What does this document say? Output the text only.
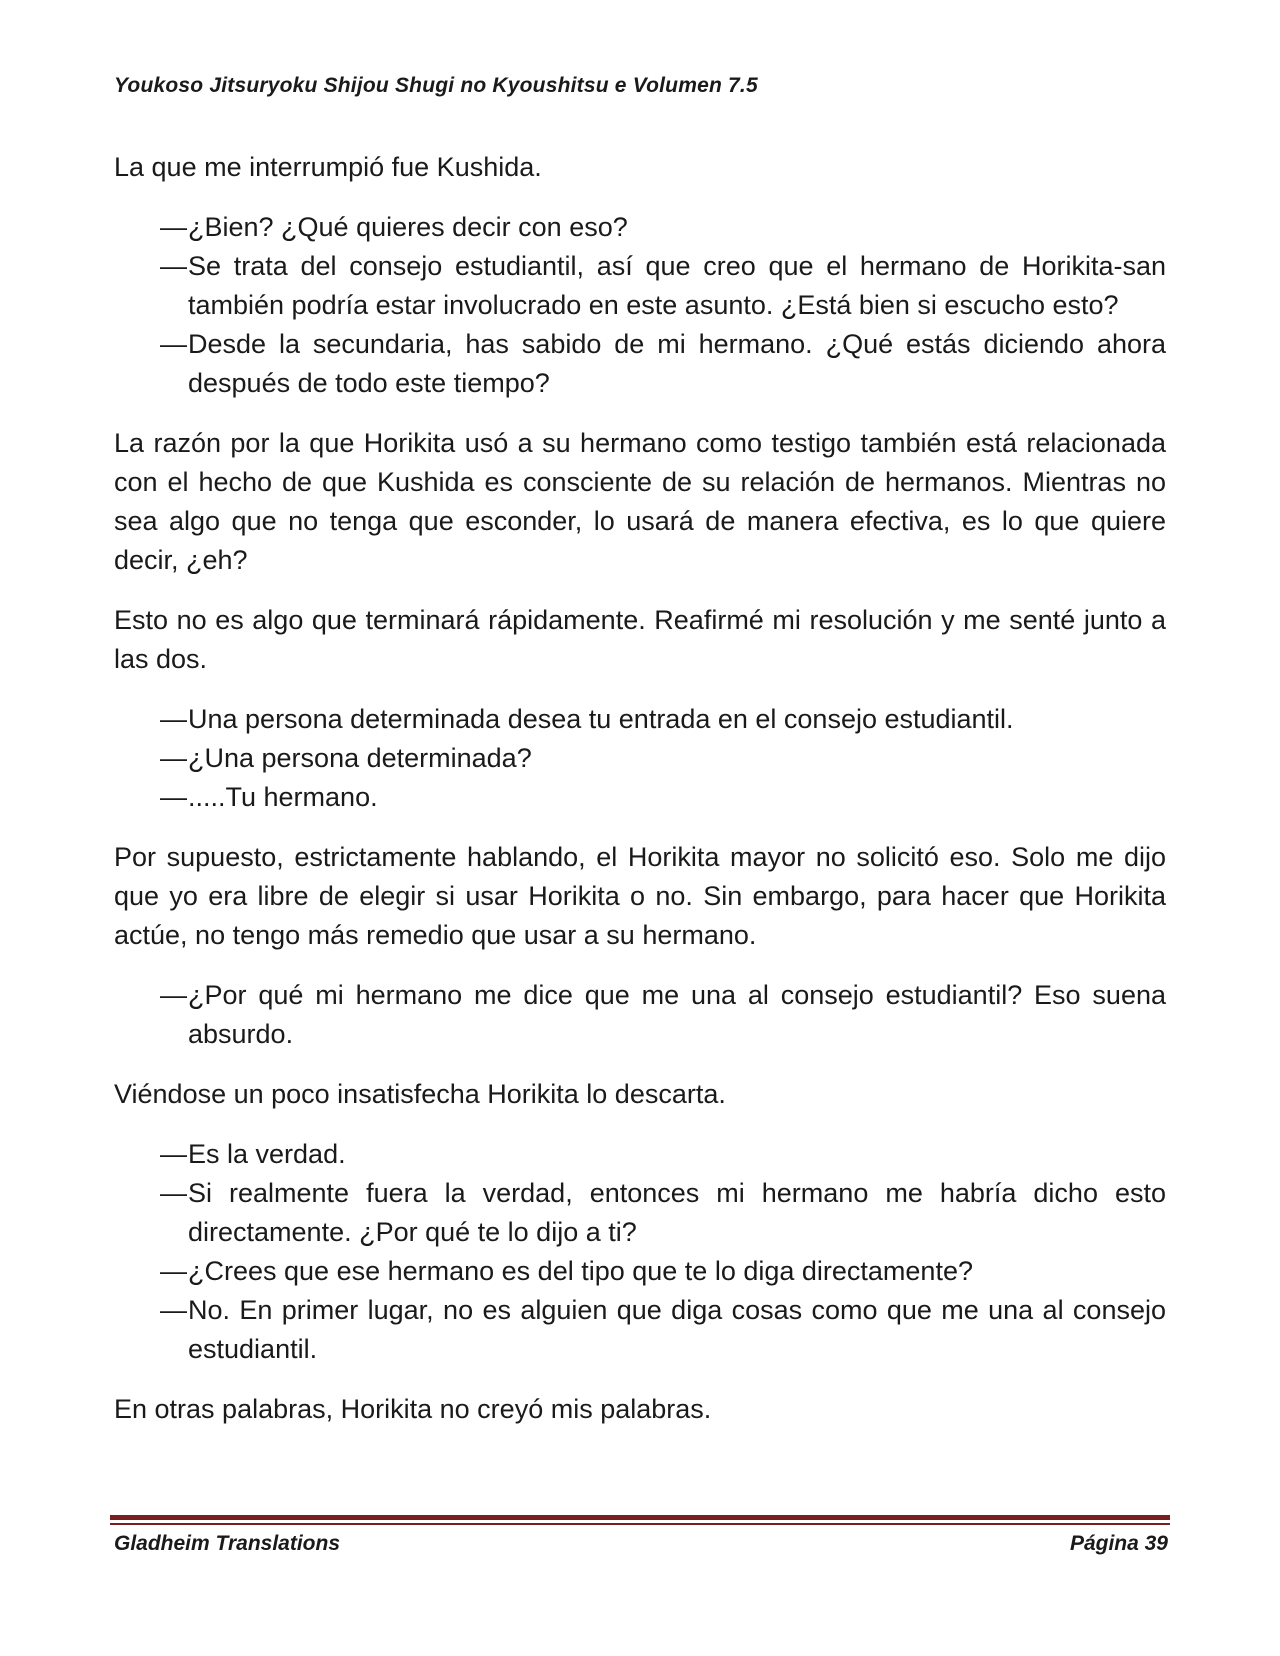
Youkoso Jitsuryoku Shijou Shugi no Kyoushitsu e Volumen 7.5

La que me interrumpió fue Kushida.

— ¿Bien? ¿Qué quieres decir con eso?
— Se trata del consejo estudiantil, así que creo que el hermano de Horikita-san también podría estar involucrado en este asunto. ¿Está bien si escucho esto?
— Desde la secundaria, has sabido de mi hermano. ¿Qué estás diciendo ahora después de todo este tiempo?

La razón por la que Horikita usó a su hermano como testigo también está relacionada con el hecho de que Kushida es consciente de su relación de hermanos. Mientras no sea algo que no tenga que esconder, lo usará de manera efectiva, es lo que quiere decir, ¿eh?

Esto no es algo que terminará rápidamente. Reafirmé mi resolución y me senté junto a las dos.

— Una persona determinada desea tu entrada en el consejo estudiantil.
— ¿Una persona determinada?
— .....Tu hermano.

Por supuesto, estrictamente hablando, el Horikita mayor no solicitó eso. Solo me dijo que yo era libre de elegir si usar Horikita o no. Sin embargo, para hacer que Horikita actúe, no tengo más remedio que usar a su hermano.

— ¿Por qué mi hermano me dice que me una al consejo estudiantil? Eso suena absurdo.

Viéndose un poco insatisfecha Horikita lo descarta.

— Es la verdad.
— Si realmente fuera la verdad, entonces mi hermano me habría dicho esto directamente. ¿Por qué te lo dijo a ti?
— ¿Crees que ese hermano es del tipo que te lo diga directamente?
— No. En primer lugar, no es alguien que diga cosas como que me una al consejo estudiantil.

En otras palabras, Horikita no creyó mis palabras.

Gladheim Translations	Página 39
